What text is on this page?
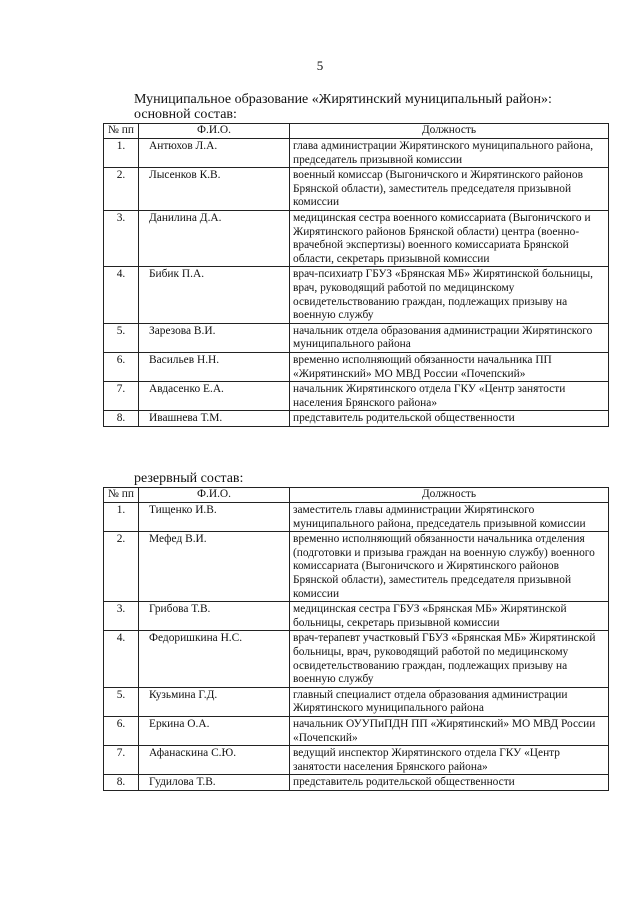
5
Муниципальное образование «Жирятинский муниципальный район»:
основной состав:
№ пп	Ф.И.О.	Должность
1.	Антюхов Л.А.	глава администрации Жирятинского муниципального района, председатель призывной комиссии
2.	Лысенков К.В.	военный комиссар (Выгоничского и Жирятинского районов Брянской области), заместитель председателя призывной комиссии
3.	Данилина Д.А.	медицинская сестра военного комиссариата (Выгоничского и Жирятинского районов Брянской области) центра (военно-врачебной экспертизы) военного комиссариата Брянской области, секретарь призывной комиссии
4.	Бибик П.А.	врач-психиатр ГБУЗ «Брянская МБ» Жирятинской больницы, врач, руководящий работой по медицинскому освидетельствованию граждан, подлежащих призыву на военную службу
5.	Зарезова В.И.	начальник отдела образования администрации Жирятинского муниципального района
6.	Васильев Н.Н.	временно исполняющий обязанности начальника ПП «Жирятинский» МО МВД России «Почепский»
7.	Авдасенко Е.А.	начальник Жирятинского отдела ГКУ «Центр занятости населения Брянского района»
8.	Ивашнева Т.М.	представитель родительской общественности
резервный состав:
№ пп	Ф.И.О.	Должность
1.	Тищенко И.В.	заместитель главы администрации Жирятинского муниципального района, председатель призывной комиссии
2.	Мефед В.И.	временно исполняющий обязанности начальника отделения (подготовки и призыва граждан на военную службу) военного комиссариата (Выгоничского и Жирятинского районов Брянской области), заместитель председателя призывной комиссии
3.	Грибова Т.В.	медицинская сестра ГБУЗ «Брянская МБ» Жирятинской больницы, секретарь призывной комиссии
4.	Федоришкина Н.С.	врач-терапевт участковый ГБУЗ «Брянская МБ» Жирятинской больницы, врач, руководящий работой по медицинскому освидетельствованию граждан, подлежащих призыву на военную службу
5.	Кузьмина Г.Д.	главный специалист отдела образования администрации Жирятинского муниципального района
6.	Еркина О.А.	начальник ОУУПиПДН ПП «Жирятинский» МО МВД России «Почепский»
7.	Афанаскина С.Ю.	ведущий инспектор Жирятинского отдела ГКУ «Центр занятости населения Брянского района»
8.	Гудилова Т.В.	представитель родительской общественности
